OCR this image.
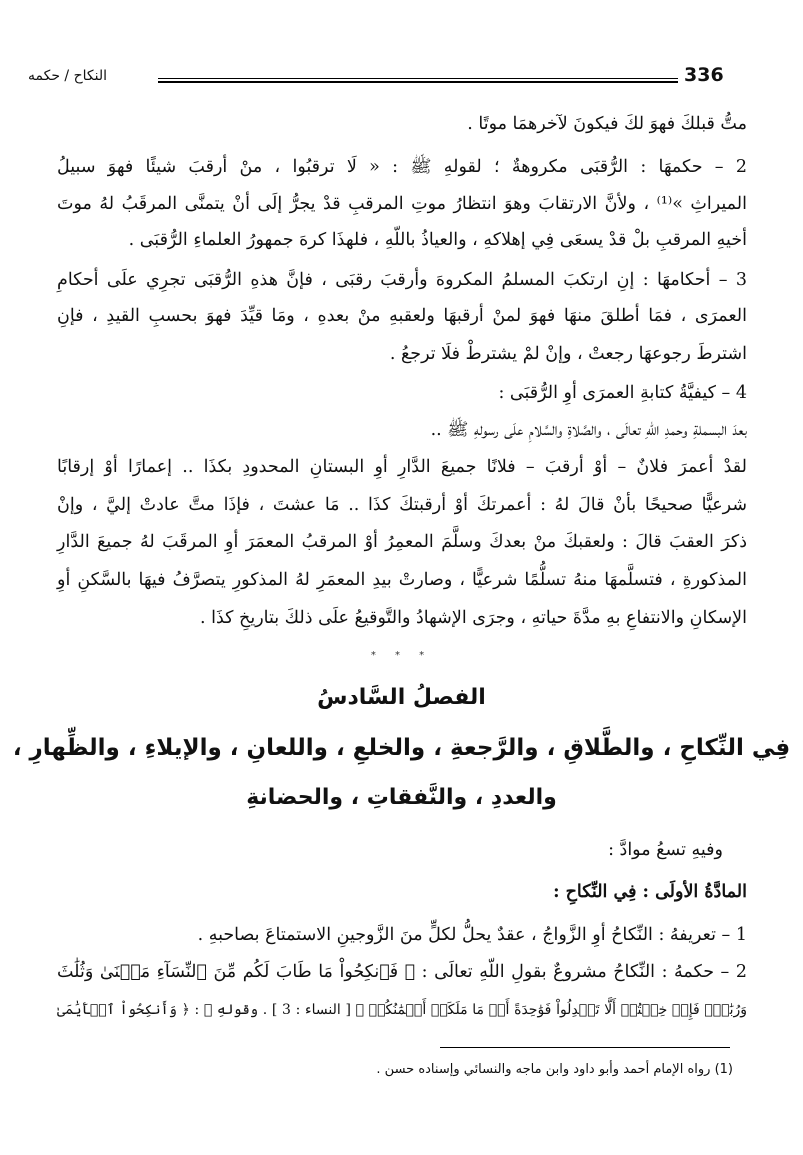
336
النكاح / حكمه
متُّ قبلكَ فهوَ لكَ فيكونَ لآخرهمَا موتًا .
2 – حكمهَا : الرُّقبَى مكروهةٌ ؛ لقولهِ ﷺ : « لَا ترقبُوا ، منْ أرقبَ شيئًا فهوَ سبيلُ
الميراثِ »⁽¹⁾ ، ولأنَّ الارتقابَ وهوَ انتظارُ موتِ المرقبِ قدْ يجرُّ إلَى أنْ يتمنَّى المرقَبُ لهُ موتَ
أخيهِ المرقبِ بلْ قدْ يسعَى فِي إهلاكهِ ، والعياذُ باللّهِ ، فلهذَا كرهَ جمهورُ العلماءِ الرُّقبَى .
3 – أحكامهَا : إنِ ارتكبَ المسلمُ المكروهَ وأرقبَ رقبَى ، فإنَّ هذهِ الرُّقبَى تجرِي علَى أحكامِ
العمرَى ، فمَا أطلقَ منهَا فهوَ لمنْ أرقبهَا ولعقبهِ منْ بعدهِ ، ومَا قيِّدَ فهوَ بحسبِ القيدِ ، فإنِ
اشترطَ رجوعهَا رجعتْ ، وإنْ لمْ يشترطْ فلَا ترجعُ .
4 – كيفيَّةُ كتابةِ العمرَى أوِ الرُّقبَى :
بعدَ البسملةِ وحمدِ اللّهِ تعالَى ، والصَّلاةِ والسَّلامِ علَى رسولهِ ﷺ ..
لقدْ أعمرَ فلانٌ – أوْ أرقبَ – فلانًا جميعَ الدَّارِ أوِ البستانِ المحدودِ بكذَا .. إعمارًا أوْ إرقابًا
شرعيًّا صحيحًا بأنْ قالَ لهُ : أعمرتكَ أوْ أرقبتكَ كذَا .. مَا عشتَ ، فإذَا متَّ عادتْ إليَّ ، وإنْ
ذكرَ العقبَ قالَ : ولعقبكَ منْ بعدكَ وسلَّمَ المعمِرُ أوْ المرقبُ المعمَرَ أوِ المرقَبَ لهُ جميعَ الدَّارِ
المذكورةِ ، فتسلَّمهَا منهُ تسلُّمًا شرعيًّا ، وصارتْ بيدِ المعمَرِ لهُ المذكورِ يتصرَّفُ فيهَا بالسَّكنِ أوِ
الإسكانِ والانتفاعِ بهِ مدَّةَ حياتهِ ، وجرَى الإشهادُ والتَّوقيعُ علَى ذلكَ بتاريخِ كذَا .
* * *
الفصلُ السَّادسُ
فِي النِّكاحِ ، والطَّلاقِ ، والرَّجعةِ ، والخلعِ ، واللعانِ ، والإيلاءِ ، والظِّهارِ ،
والعددِ ، والنَّفقاتِ ، والحضانةِ
وفيهِ تسعُ موادَّ :
المادَّةُ الأولَى : فِي النِّكاحِ :
1 – تعريفهُ : النِّكاحُ أوِ الزَّواجُ ، عقدٌ يحلُّ لكلٍّ منَ الزَّوجينِ الاستمتاعَ بصاحبهِ .
2 – حكمهُ : النِّكاحُ مشروعٌ بقولِ اللّهِ تعالَى : ﴿ فَٱنكِحُواْ مَا طَابَ لَكُم مِّنَ ٱلنِّسَآءِ مَثۡنَىٰ وَثُلَٰثَ
وَرُبَٰعَۖ فَإِنۡ خِفۡتُمۡ أَلَّا تَعۡدِلُواْ فَوَٰحِدَةً أَوۡ مَا مَلَكَتۡ أَيۡمَٰنُكُمۡ ﴾ [ النساء : 3 ] . وقولهِ ﷺ : ﴿ وَأَنكِحُواْ ٱلۡأَيَٰمَىٰ
(1) رواه الإمام أحمد وأبو داود وابن ماجه والنسائي وإسناده حسن .
